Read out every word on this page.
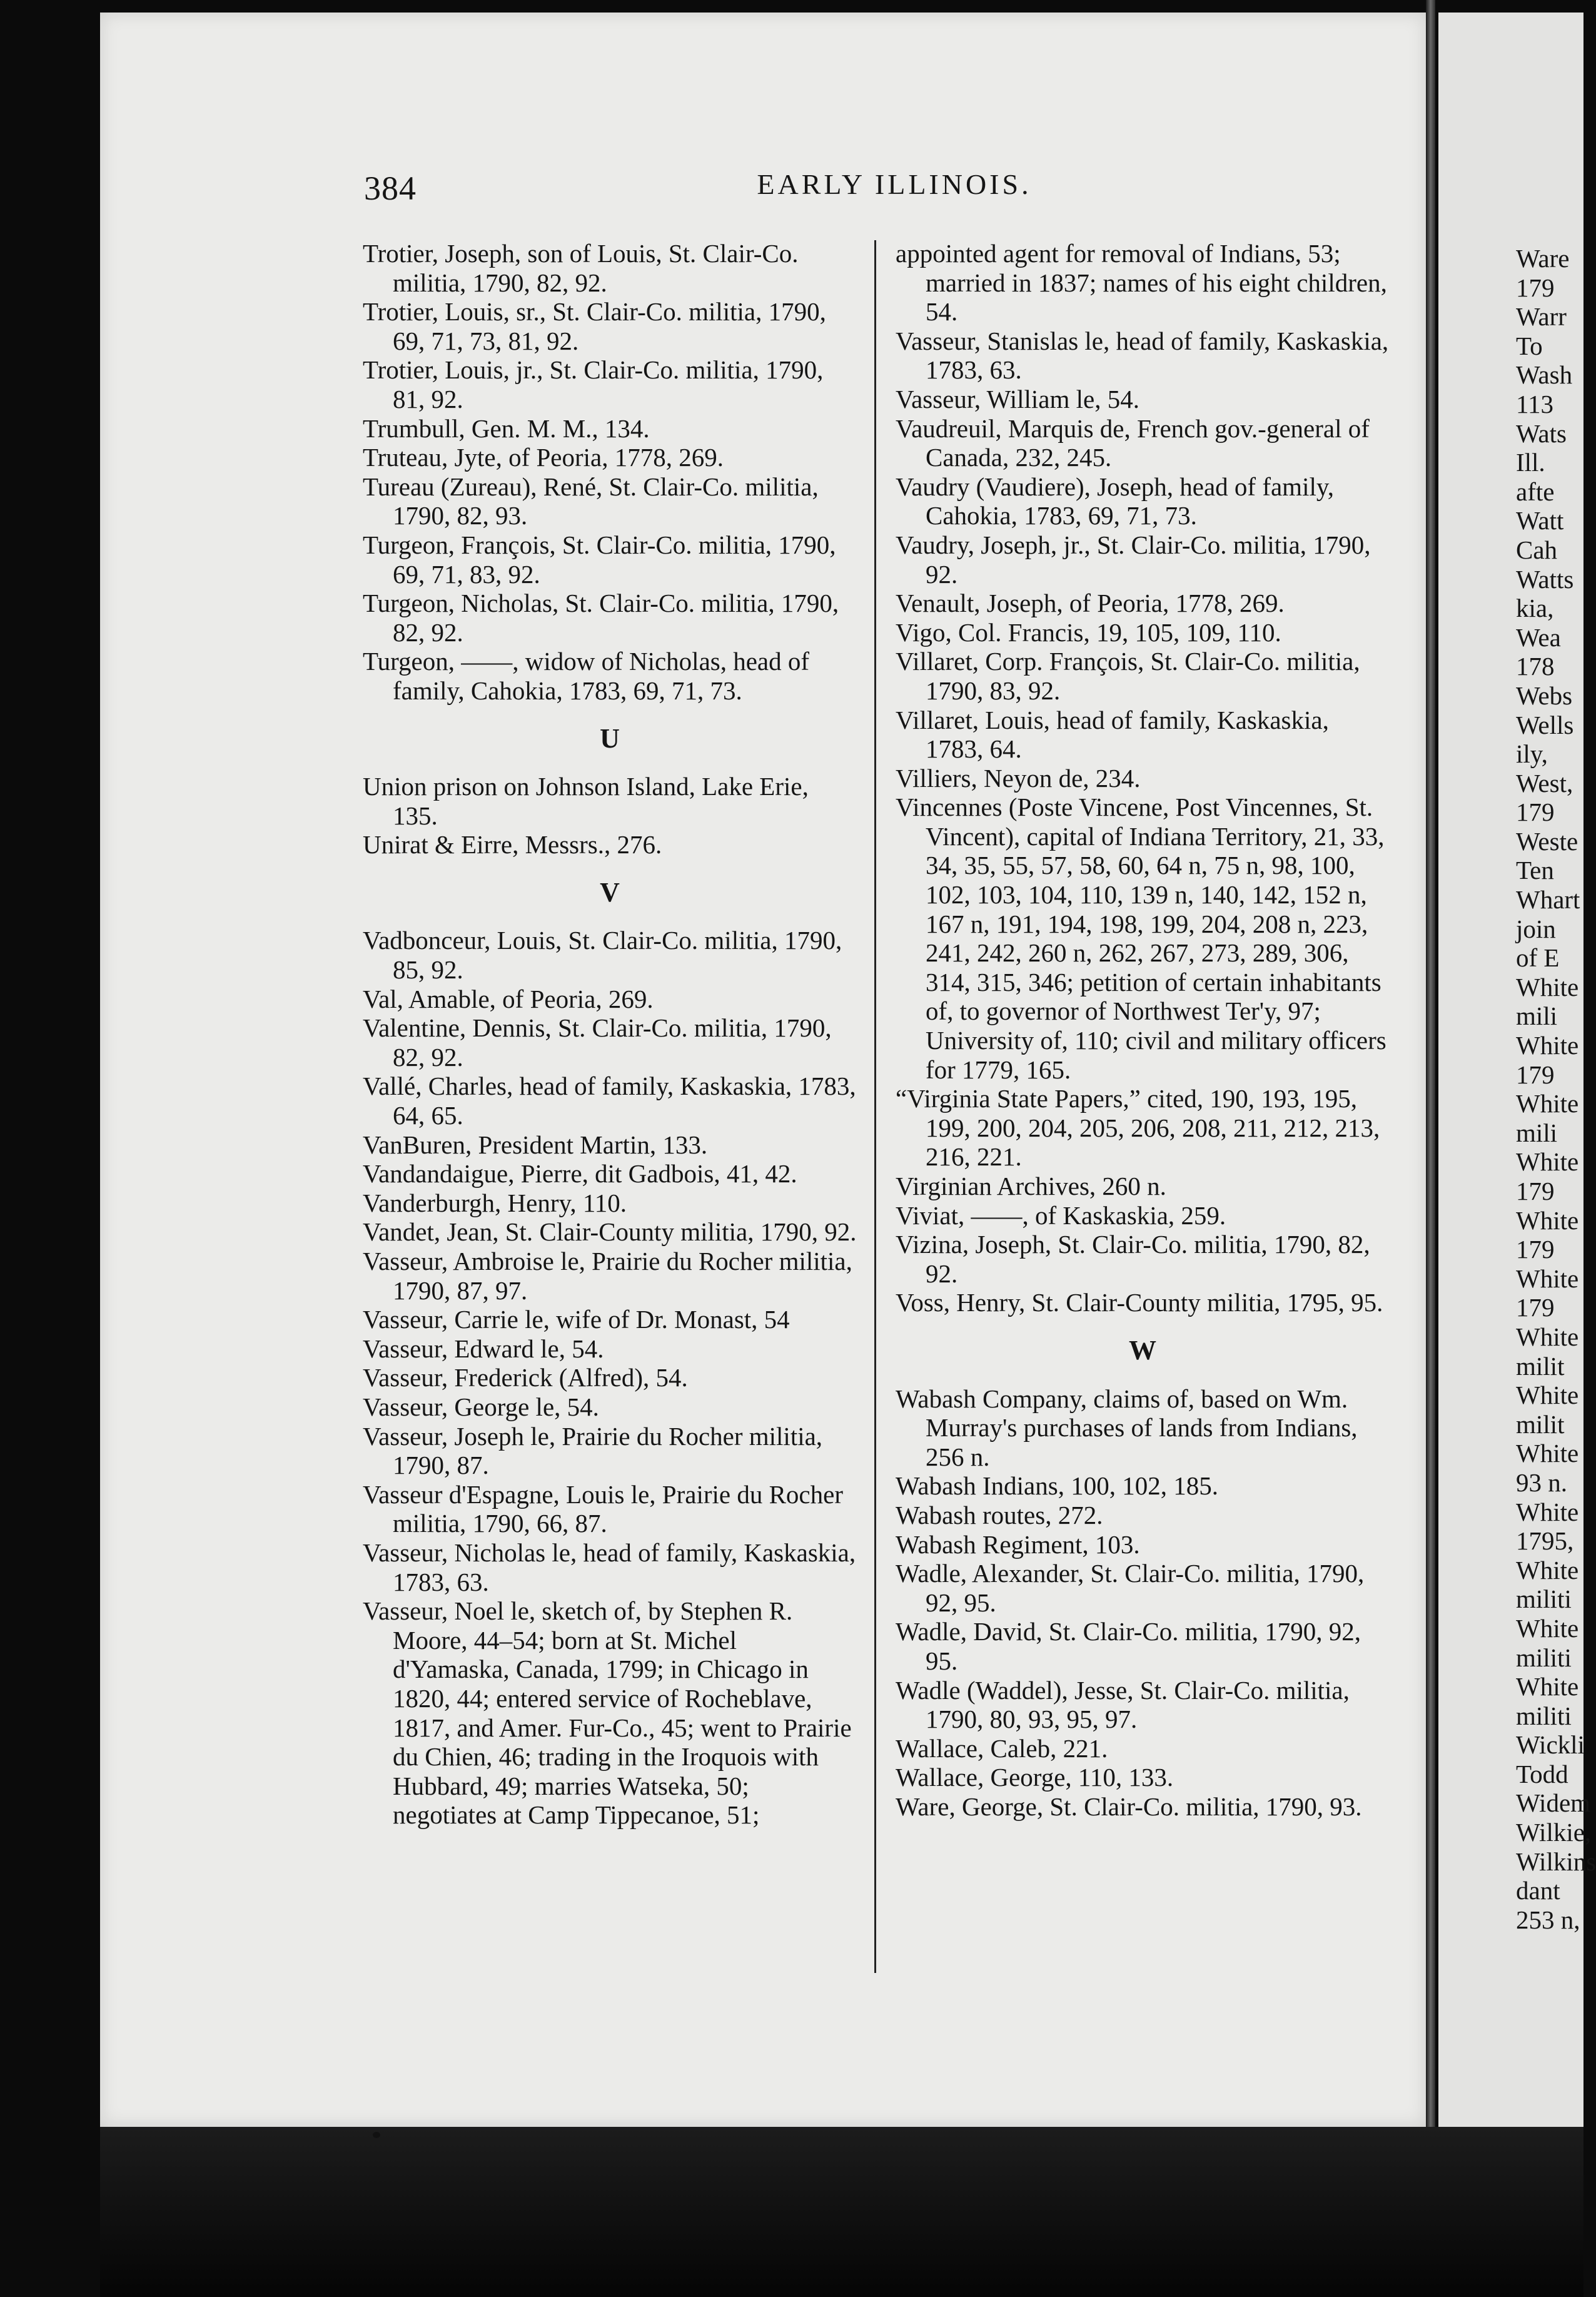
384	EARLY ILLINOIS.
Trotier, Joseph, son of Louis, St. Clair-Co. militia, 1790, 82, 92.
Trotier, Louis, sr., St. Clair-Co. militia, 1790, 69, 71, 73, 81, 92.
Trotier, Louis, jr., St. Clair-Co. militia, 1790, 81, 92.
Trumbull, Gen. M. M., 134.
Truteau, Jyte, of Peoria, 1778, 269.
Tureau (Zureau), René, St. Clair-Co. militia, 1790, 82, 93.
Turgeon, François, St. Clair-Co. militia, 1790, 69, 71, 83, 92.
Turgeon, Nicholas, St. Clair-Co. militia, 1790, 82, 92.
Turgeon, ——, widow of Nicholas, head of family, Cahokia, 1783, 69, 71, 73.
U
Union prison on Johnson Island, Lake Erie, 135.
Unirat & Eirre, Messrs., 276.
V
Vadbonceur, Louis, St. Clair-Co. militia, 1790, 85, 92.
Val, Amable, of Peoria, 269.
Valentine, Dennis, St. Clair-Co. militia, 1790, 82, 92.
Vallé, Charles, head of family, Kaskaskia, 1783, 64, 65.
VanBuren, President Martin, 133.
Vandandaigue, Pierre, dit Gadbois, 41, 42.
Vanderburgh, Henry, 110.
Vandet, Jean, St. Clair-County militia, 1790, 92.
Vasseur, Ambroise le, Prairie du Rocher militia, 1790, 87, 97.
Vasseur, Carrie le, wife of Dr. Monast, 54
Vasseur, Edward le, 54.
Vasseur, Frederick (Alfred), 54.
Vasseur, George le, 54.
Vasseur, Joseph le, Prairie du Rocher militia, 1790, 87.
Vasseur d'Espagne, Louis le, Prairie du Rocher militia, 1790, 66, 87.
Vasseur, Nicholas le, head of family, Kaskaskia, 1783, 63.
Vasseur, Noel le, sketch of, by Stephen R. Moore, 44–54; born at St. Michel d'Yamaska, Canada, 1799; in Chicago in 1820, 44; entered service of Rocheblave, 1817, and Amer. Fur-Co., 45; went to Prairie du Chien, 46; trading in the Iroquois with Hubbard, 49; marries Watseka, 50; negotiates at Camp Tippecanoe, 51;
appointed agent for removal of Indians, 53; married in 1837; names of his eight children, 54.
Vasseur, Stanislas le, head of family, Kaskaskia, 1783, 63.
Vasseur, William le, 54.
Vaudreuil, Marquis de, French gov.-general of Canada, 232, 245.
Vaudry (Vaudiere), Joseph, head of family, Cahokia, 1783, 69, 71, 73.
Vaudry, Joseph, jr., St. Clair-Co. militia, 1790, 92.
Venault, Joseph, of Peoria, 1778, 269.
Vigo, Col. Francis, 19, 105, 109, 110.
Villaret, Corp. François, St. Clair-Co. militia, 1790, 83, 92.
Villaret, Louis, head of family, Kaskaskia, 1783, 64.
Villiers, Neyon de, 234.
Vincennes (Poste Vincene, Post Vincennes, St. Vincent), capital of Indiana Territory, 21, 33, 34, 35, 55, 57, 58, 60, 64 n, 75 n, 98, 100, 102, 103, 104, 110, 139 n, 140, 142, 152 n, 167 n, 191, 194, 198, 199, 204, 208 n, 223, 241, 242, 260 n, 262, 267, 273, 289, 306, 314, 315, 346; petition of certain inhabitants of, to governor of Northwest Ter'y, 97; University of, 110; civil and military officers for 1779, 165.
“Virginia State Papers,” cited, 190, 193, 195, 199, 200, 204, 205, 206, 208, 211, 212, 213, 216, 221.
Virginian Archives, 260 n.
Viviat, ——, of Kaskaskia, 259.
Vizina, Joseph, St. Clair-Co. militia, 1790, 82, 92.
Voss, Henry, St. Clair-County militia, 1795, 95.
W
Wabash Company, claims of, based on Wm. Murray's purchases of lands from Indians, 256 n.
Wabash Indians, 100, 102, 185.
Wabash routes, 272.
Wabash Regiment, 103.
Wadle, Alexander, St. Clair-Co. militia, 1790, 92, 95.
Wadle, David, St. Clair-Co. militia, 1790, 92, 95.
Wadle (Waddel), Jesse, St. Clair-Co. militia, 1790, 80, 93, 95, 97.
Wallace, Caleb, 221.
Wallace, George, 110, 133.
Ware, George, St. Clair-Co. militia, 1790, 93.
Ware
179
Warr
To
Wash
113
Wats
Ill.
afte
Watt
Cah
Watts
kia,
Wea
178
Webs
Wells
ily,
West,
179
Weste
Ten
Whart
join
of E
White
mili
White
179
White
mili
White
179
White
179
White
179
White
milit
White
milit
White
93 n.
White
1795,
White
militi
White
militi
White
militi
Wickli
Todd
Widem
Wilkie,
Wilkins
dant
253 n,
